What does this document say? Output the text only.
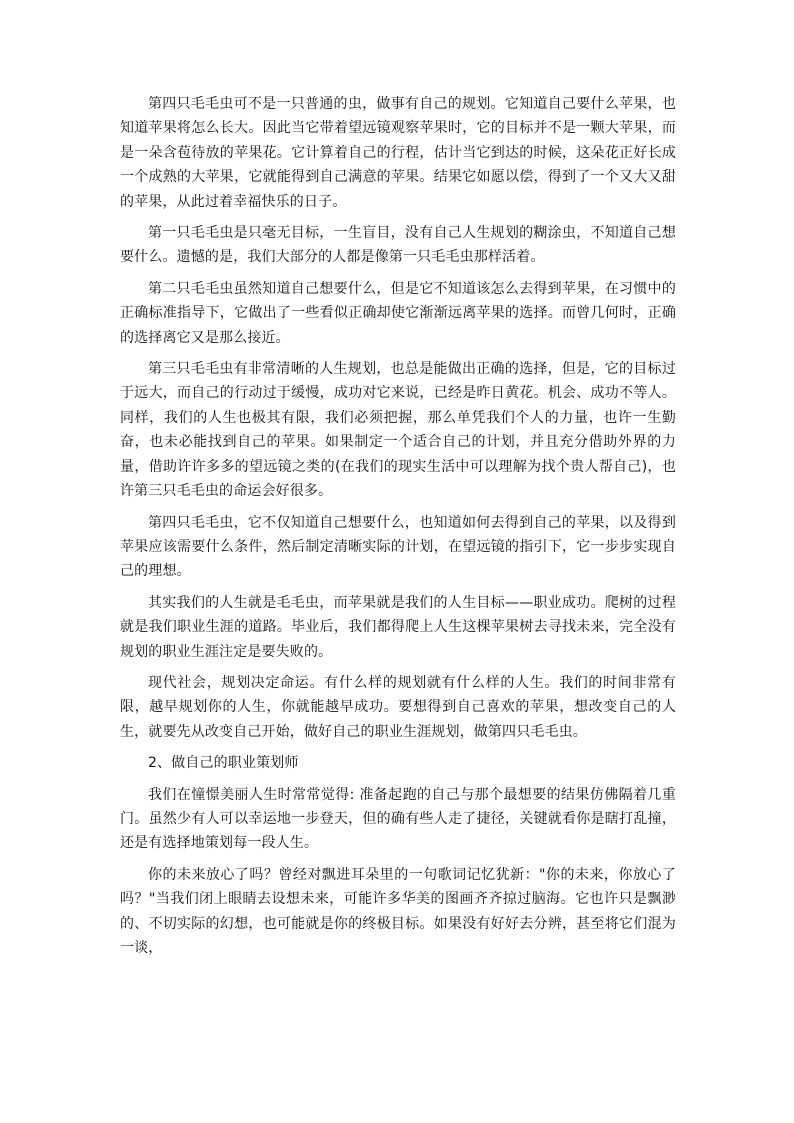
第四只毛毛虫可不是一只普通的虫，做事有自己的规划。它知道自己要什么苹果，也知道苹果将怎么长大。因此当它带着望远镜观察苹果时，它的目标并不是一颗大苹果，而是一朵含苞待放的苹果花。它计算着自己的行程，估计当它到达的时候，这朵花正好长成一个成熟的大苹果，它就能得到自己满意的苹果。结果它如愿以偿，得到了一个又大又甜的苹果，从此过着幸福快乐的日子。

第一只毛毛虫是只毫无目标，一生盲目，没有自己人生规划的糊涂虫，不知道自己想要什么。遗憾的是，我们大部分的人都是像第一只毛毛虫那样活着。

第二只毛毛虫虽然知道自己想要什么，但是它不知道该怎么去得到苹果，在习惯中的正确标准指导下，它做出了一些看似正确却使它渐渐远离苹果的选择。而曾几何时，正确的选择离它又是那么接近。

第三只毛毛虫有非常清晰的人生规划，也总是能做出正确的选择，但是，它的目标过于远大，而自己的行动过于缓慢，成功对它来说，已经是昨日黄花。机会、成功不等人。同样，我们的人生也极其有限，我们必须把握，那么单凭我们个人的力量，也许一生勤奋，也未必能找到自己的苹果。如果制定一个适合自己的计划，并且充分借助外界的力量，借助许许多多的望远镜之类的(在我们的现实生活中可以理解为找个贵人帮自己)，也许第三只毛毛虫的命运会好很多。

第四只毛毛虫，它不仅知道自己想要什么，也知道如何去得到自己的苹果，以及得到苹果应该需要什么条件，然后制定清晰实际的计划，在望远镜的指引下，它一步步实现自己的理想。

其实我们的人生就是毛毛虫，而苹果就是我们的人生目标——职业成功。爬树的过程就是我们职业生涯的道路。毕业后，我们都得爬上人生这棵苹果树去寻找未来，完全没有规划的职业生涯注定是要失败的。

现代社会，规划决定命运。有什么样的规划就有什么样的人生。我们的时间非常有限，越早规划你的人生，你就能越早成功。要想得到自己喜欢的苹果，想改变自己的人生，就要先从改变自己开始，做好自己的职业生涯规划，做第四只毛毛虫。

2、做自己的职业策划师

我们在憧憬美丽人生时常常觉得: 准备起跑的自己与那个最想要的结果仿佛隔着几重门。虽然少有人可以幸运地一步登天，但的确有些人走了捷径，关键就看你是瞎打乱撞，还是有选择地策划每一段人生。

你的未来放心了吗？曾经对飘进耳朵里的一句歌词记忆犹新："你的未来，你放心了吗？"当我们闭上眼睛去设想未来，可能许多华美的图画齐齐掠过脑海。它也许只是飘渺的、不切实际的幻想，也可能就是你的终极目标。如果没有好好去分辨，甚至将它们混为一谈，
